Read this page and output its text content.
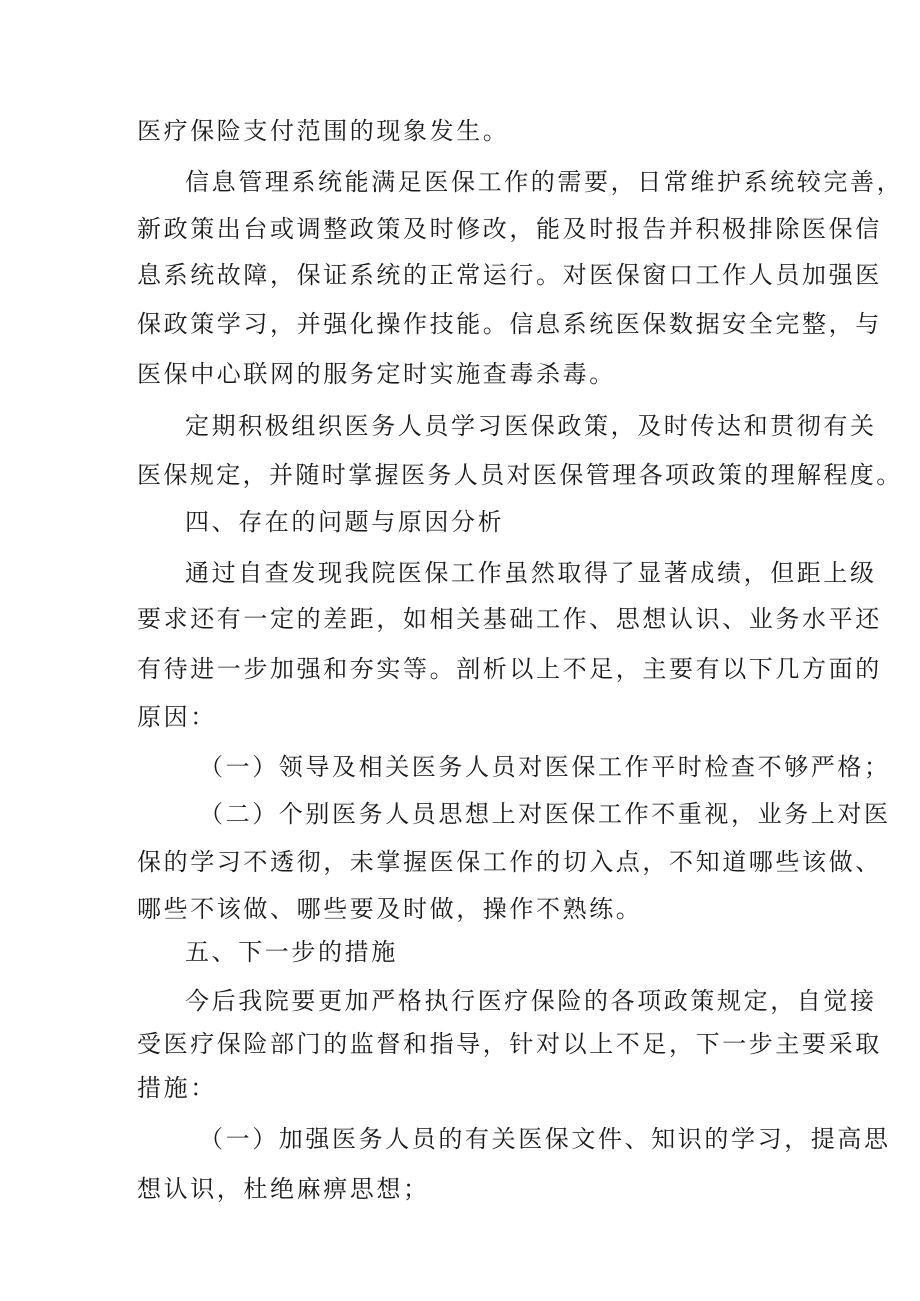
医疗保险支付范围的现象发生。
信息管理系统能满足医保工作的需要，日常维护系统较完善，
新政策出台或调整政策及时修改，能及时报告并积极排除医保信
息系统故障，保证系统的正常运行。对医保窗口工作人员加强医
保政策学习，并强化操作技能。信息系统医保数据安全完整，与
医保中心联网的服务定时实施查毒杀毒。
定期积极组织医务人员学习医保政策，及时传达和贯彻有关
医保规定，并随时掌握医务人员对医保管理各项政策的理解程度。
四、存在的问题与原因分析
通过自查发现我院医保工作虽然取得了显著成绩，但距上级
要求还有一定的差距，如相关基础工作、思想认识、业务水平还
有待进一步加强和夯实等。剖析以上不足，主要有以下几方面的
原因：
（一）领导及相关医务人员对医保工作平时检查不够严格；
（二）个别医务人员思想上对医保工作不重视，业务上对医
保的学习不透彻，未掌握医保工作的切入点，不知道哪些该做、
哪些不该做、哪些要及时做，操作不熟练。
五、下一步的措施
今后我院要更加严格执行医疗保险的各项政策规定，自觉接
受医疗保险部门的监督和指导，针对以上不足，下一步主要采取
措施：
（一）加强医务人员的有关医保文件、知识的学习，提高思
想认识，杜绝麻痹思想；
